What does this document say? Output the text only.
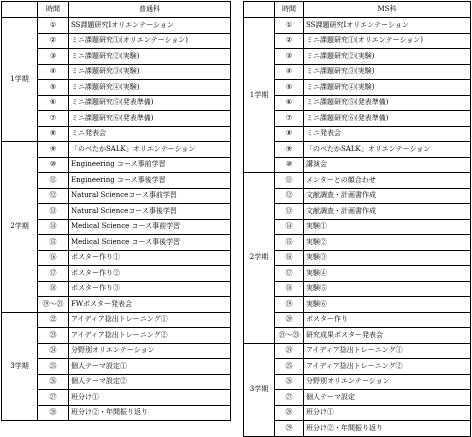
	時間	普通科
1学期	①	SS課題研究Ⅰオリエンテーション
	②	ミニ課題研究①(オリエンテーション)
	③	ミニ課題研究②(実験)
	④	ミニ課題研究③(実験)
	⑤	ミニ課題研究④(実験)
	⑥	ミニ課題研究⑤(発表準備)
	⑦	ミニ課題研究⑥(発表準備)
	⑧	ミニ発表会
2学期	⑨	「のべたかSALK」オリエンテーション
	⑩	Engineering コース事前学習
	⑪	Engineering コース事後学習
	⑫	Natural Scienceコース事前学習
	⑬	Natural Scienceコース事後学習
	⑭	Medical Science コース事前学習
	⑮	Medical Science コース事後学習
	⑯	ポスター作り①
	⑰	ポスター作り②
	⑱	ポスター作り③
	⑲～㉑	FWポスター発表会
3学期	㉒	アイディア捻出トレーニング①
	㉓	アイディア捻出トレーニング②
	㉔	分野別オリエンテーション
	㉕	個人テーマ設定①
	㉖	個人テーマ設定②
	㉗	班分け①
	㉘	班分け②・年間振り返り
	時間	MS科
1学期	①	SS課題研究Ⅰオリエンテーション
	②	ミニ課題研究①(オリエンテーション)
	③	ミニ課題研究②(実験)
	④	ミニ課題研究③(実験)
	⑤	ミニ課題研究④(実験)
	⑥	ミニ課題研究⑤(発表準備)
	⑦	ミニ課題研究⑥(発表準備)
	⑧	ミニ発表会
	⑨	「のべたかSALK」オリエンテーション
	⑩	講演会
2学期	⑪	メンターとの顔合わせ
	⑫	文献調査・計画書作成
	⑬	文献調査・計画書作成
	⑭	実験①
	⑮	実験②
	⑯	実験③
	⑰	実験④
	⑱	実験⑤
	⑲	実験⑥
	⑳	ポスター作り
	㉑～㉓	研究成果ポスター発表会
3学期	㉔	アイディア捻出トレーニング①
	㉕	アイディア捻出トレーニング②
	㉖	分野別オリエンテーション
	㉗	個人テーマ設定
	㉘	班分け①
	㉙	班分け②・年間振り返り
